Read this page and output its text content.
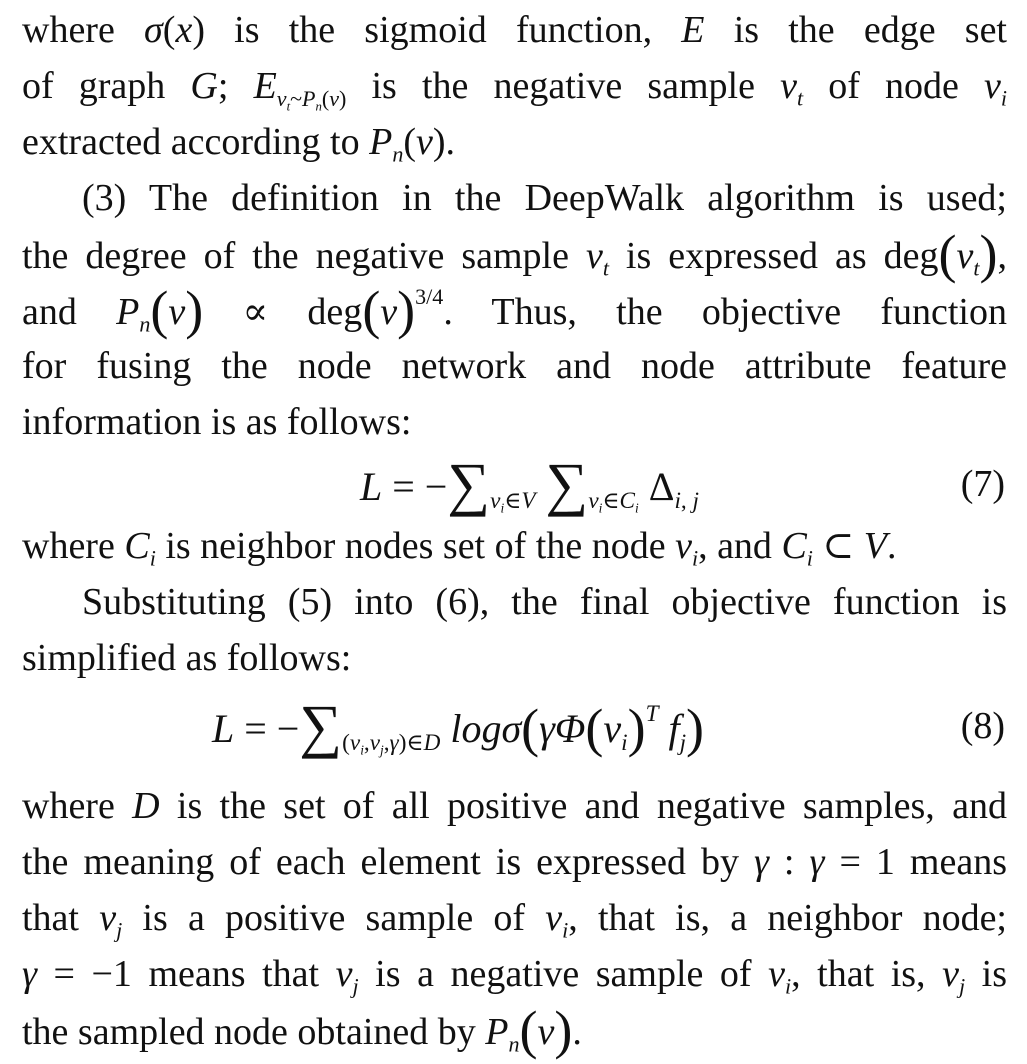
where σ(x) is the sigmoid function, E is the edge set
of graph G; $E_{v_t\sim P_n(v)}$ is the negative sample $v_t$ of node $v_i$
extracted according to $P_n(v)$.
(3) The definition in the DeepWalk algorithm is used;
the degree of the negative sample $v_t$ is expressed as $deg(v_t)$,
and $P_n(v) \propto deg(v)^{3/4}$. Thus, the objective function
for fusing the node network and node attribute feature
information is as follows:
$L = -\sum_{v_i\in V}$ $\sum_{v_i\in C_i}$ $\Delta_{i, j}$	(7)
where $C_i$ is neighbor nodes set of the node $v_i$, and $C_i$ ⊂ V.
Substituting (5) into (6), the final objective function is
simplified as follows:
$L = -\sum_{(v_i,v_j,\gamma)\in D}$ $\log\sigma(\gamma\Phi(v_i)^T$ $f_j$)	(8)
where D is the set of all positive and negative samples, and
the meaning of each element is expressed by γ : γ = 1 means
that $v_j$ is a positive sample of $v_i$, that is, a neighbor node;
γ = −1 means that $v_j$ is a negative sample of $v_i$, that is, $v_j$ is
the sampled node obtained by $P_n(v)$.
